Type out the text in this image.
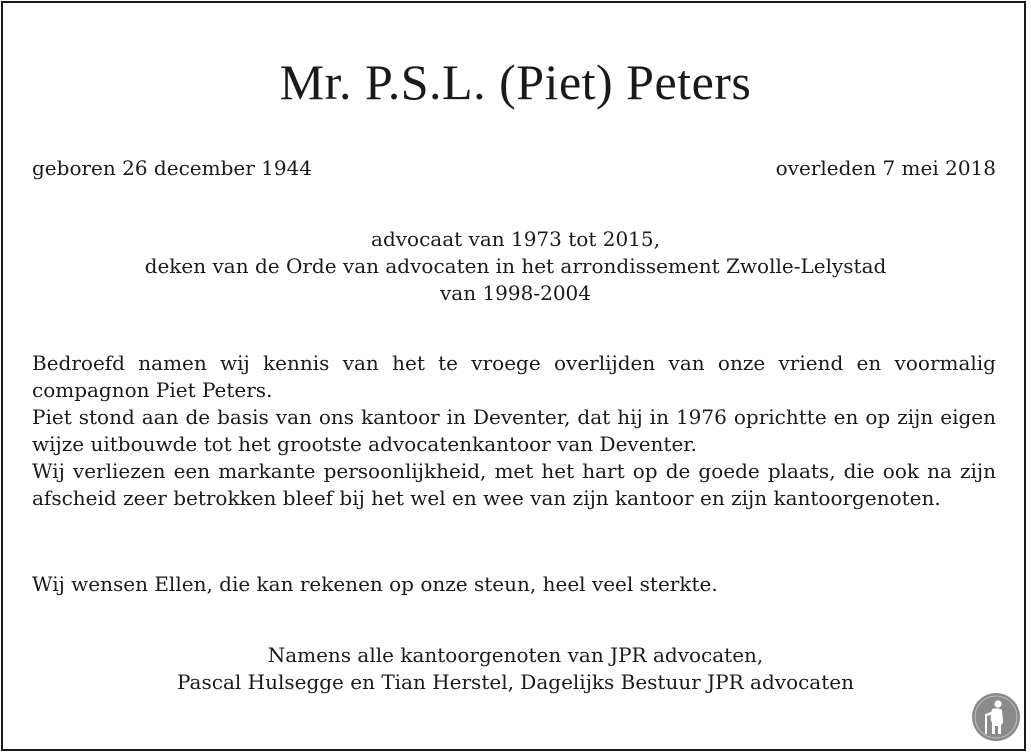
Mr. P.S.L. (Piet) Peters
geboren 26 december 1944	overleden 7 mei 2018
advocaat van 1973 tot 2015,
deken van de Orde van advocaten in het arrondissement Zwolle-Lelystad
van 1998-2004

Bedroefd namen wij kennis van het te vroege overlijden van onze vriend en voormalig compagnon Piet Peters.

Piet stond aan de basis van ons kantoor in Deventer, dat hij in 1976 oprichtte en op zijn eigen wijze uitbouwde tot het grootste advocatenkantoor van Deventer.

Wij verliezen een markante persoonlijkheid, met het hart op de goede plaats, die ook na zijn afscheid zeer betrokken bleef bij het wel en wee van zijn kantoor en zijn kantoorgenoten.

Wij wensen Ellen, die kan rekenen op onze steun, heel veel sterkte.
Namens alle kantoorgenoten van JPR advocaten,
Pascal Hulsegge en Tian Herstel, Dagelijks Bestuur JPR advocaten
